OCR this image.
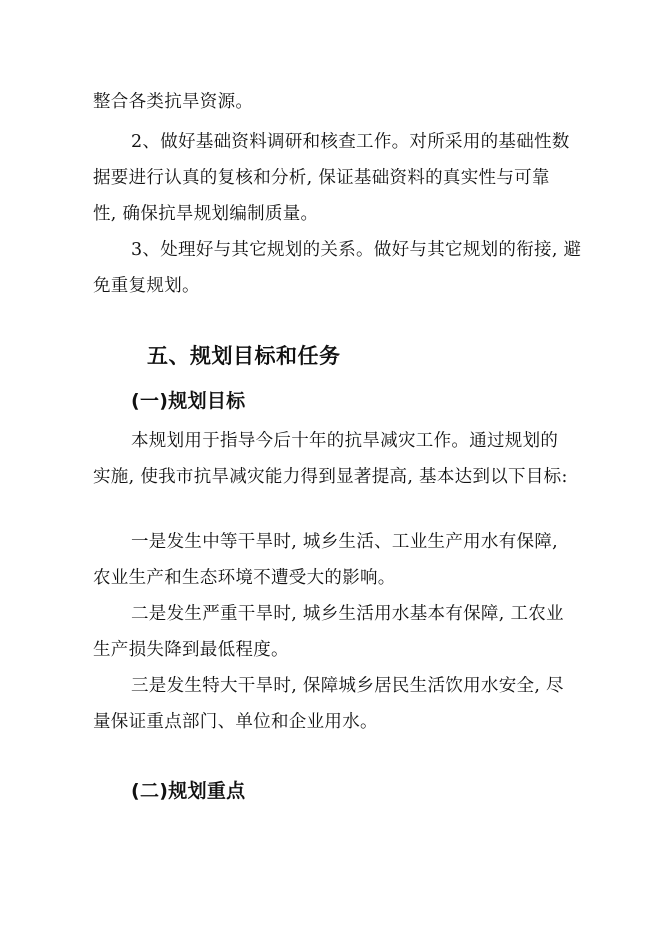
整合各类抗旱资源。
2、做好基础资料调研和核查工作。对所采用的基础性数
据要进行认真的复核和分析, 保证基础资料的真实性与可靠
性, 确保抗旱规划编制质量。
3、处理好与其它规划的关系。做好与其它规划的衔接, 避
免重复规划。
五、规划目标和任务
(一)规划目标
本规划用于指导今后十年的抗旱减灾工作。通过规划的
实施, 使我市抗旱减灾能力得到显著提高, 基本达到以下目标:
一是发生中等干旱时, 城乡生活、工业生产用水有保障,
农业生产和生态环境不遭受大的影响。
二是发生严重干旱时, 城乡生活用水基本有保障, 工农业
生产损失降到最低程度。
三是发生特大干旱时, 保障城乡居民生活饮用水安全, 尽
量保证重点部门、单位和企业用水。
(二)规划重点
